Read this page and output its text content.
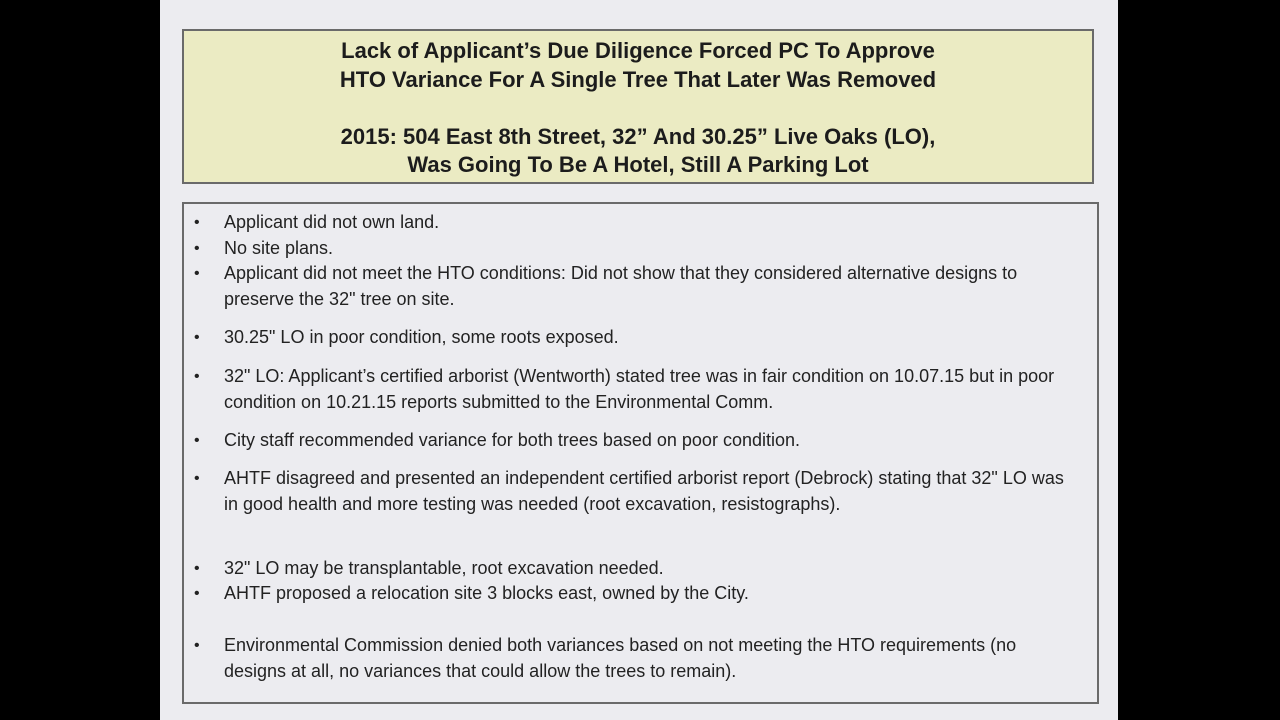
Lack of Applicant’s Due Diligence Forced PC To Approve
HTO Variance For A Single Tree That Later Was Removed
2015: 504 East 8th Street, 32” And 30.25” Live Oaks (LO),
Was Going To Be A Hotel, Still A Parking Lot
• Applicant did not own land.
• No site plans.
• Applicant did not meet the HTO conditions: Did not show that they considered alternative designs to preserve the 32" tree on site.
• 30.25" LO in poor condition, some roots exposed.
• 32" LO: Applicant’s certified arborist (Wentworth) stated tree was in fair condition on 10.07.15 but in poor condition on 10.21.15 reports submitted to the Environmental Comm.
• City staff recommended variance for both trees based on poor condition.
• AHTF disagreed and presented an independent certified arborist report (Debrock) stating that 32" LO was in good health and more testing was needed (root excavation, resistographs).
• 32" LO may be transplantable, root excavation needed.
• AHTF proposed a relocation site 3 blocks east, owned by the City.
• Environmental Commission denied both variances based on not meeting the HTO requirements (no designs at all, no variances that could allow the trees to remain).
